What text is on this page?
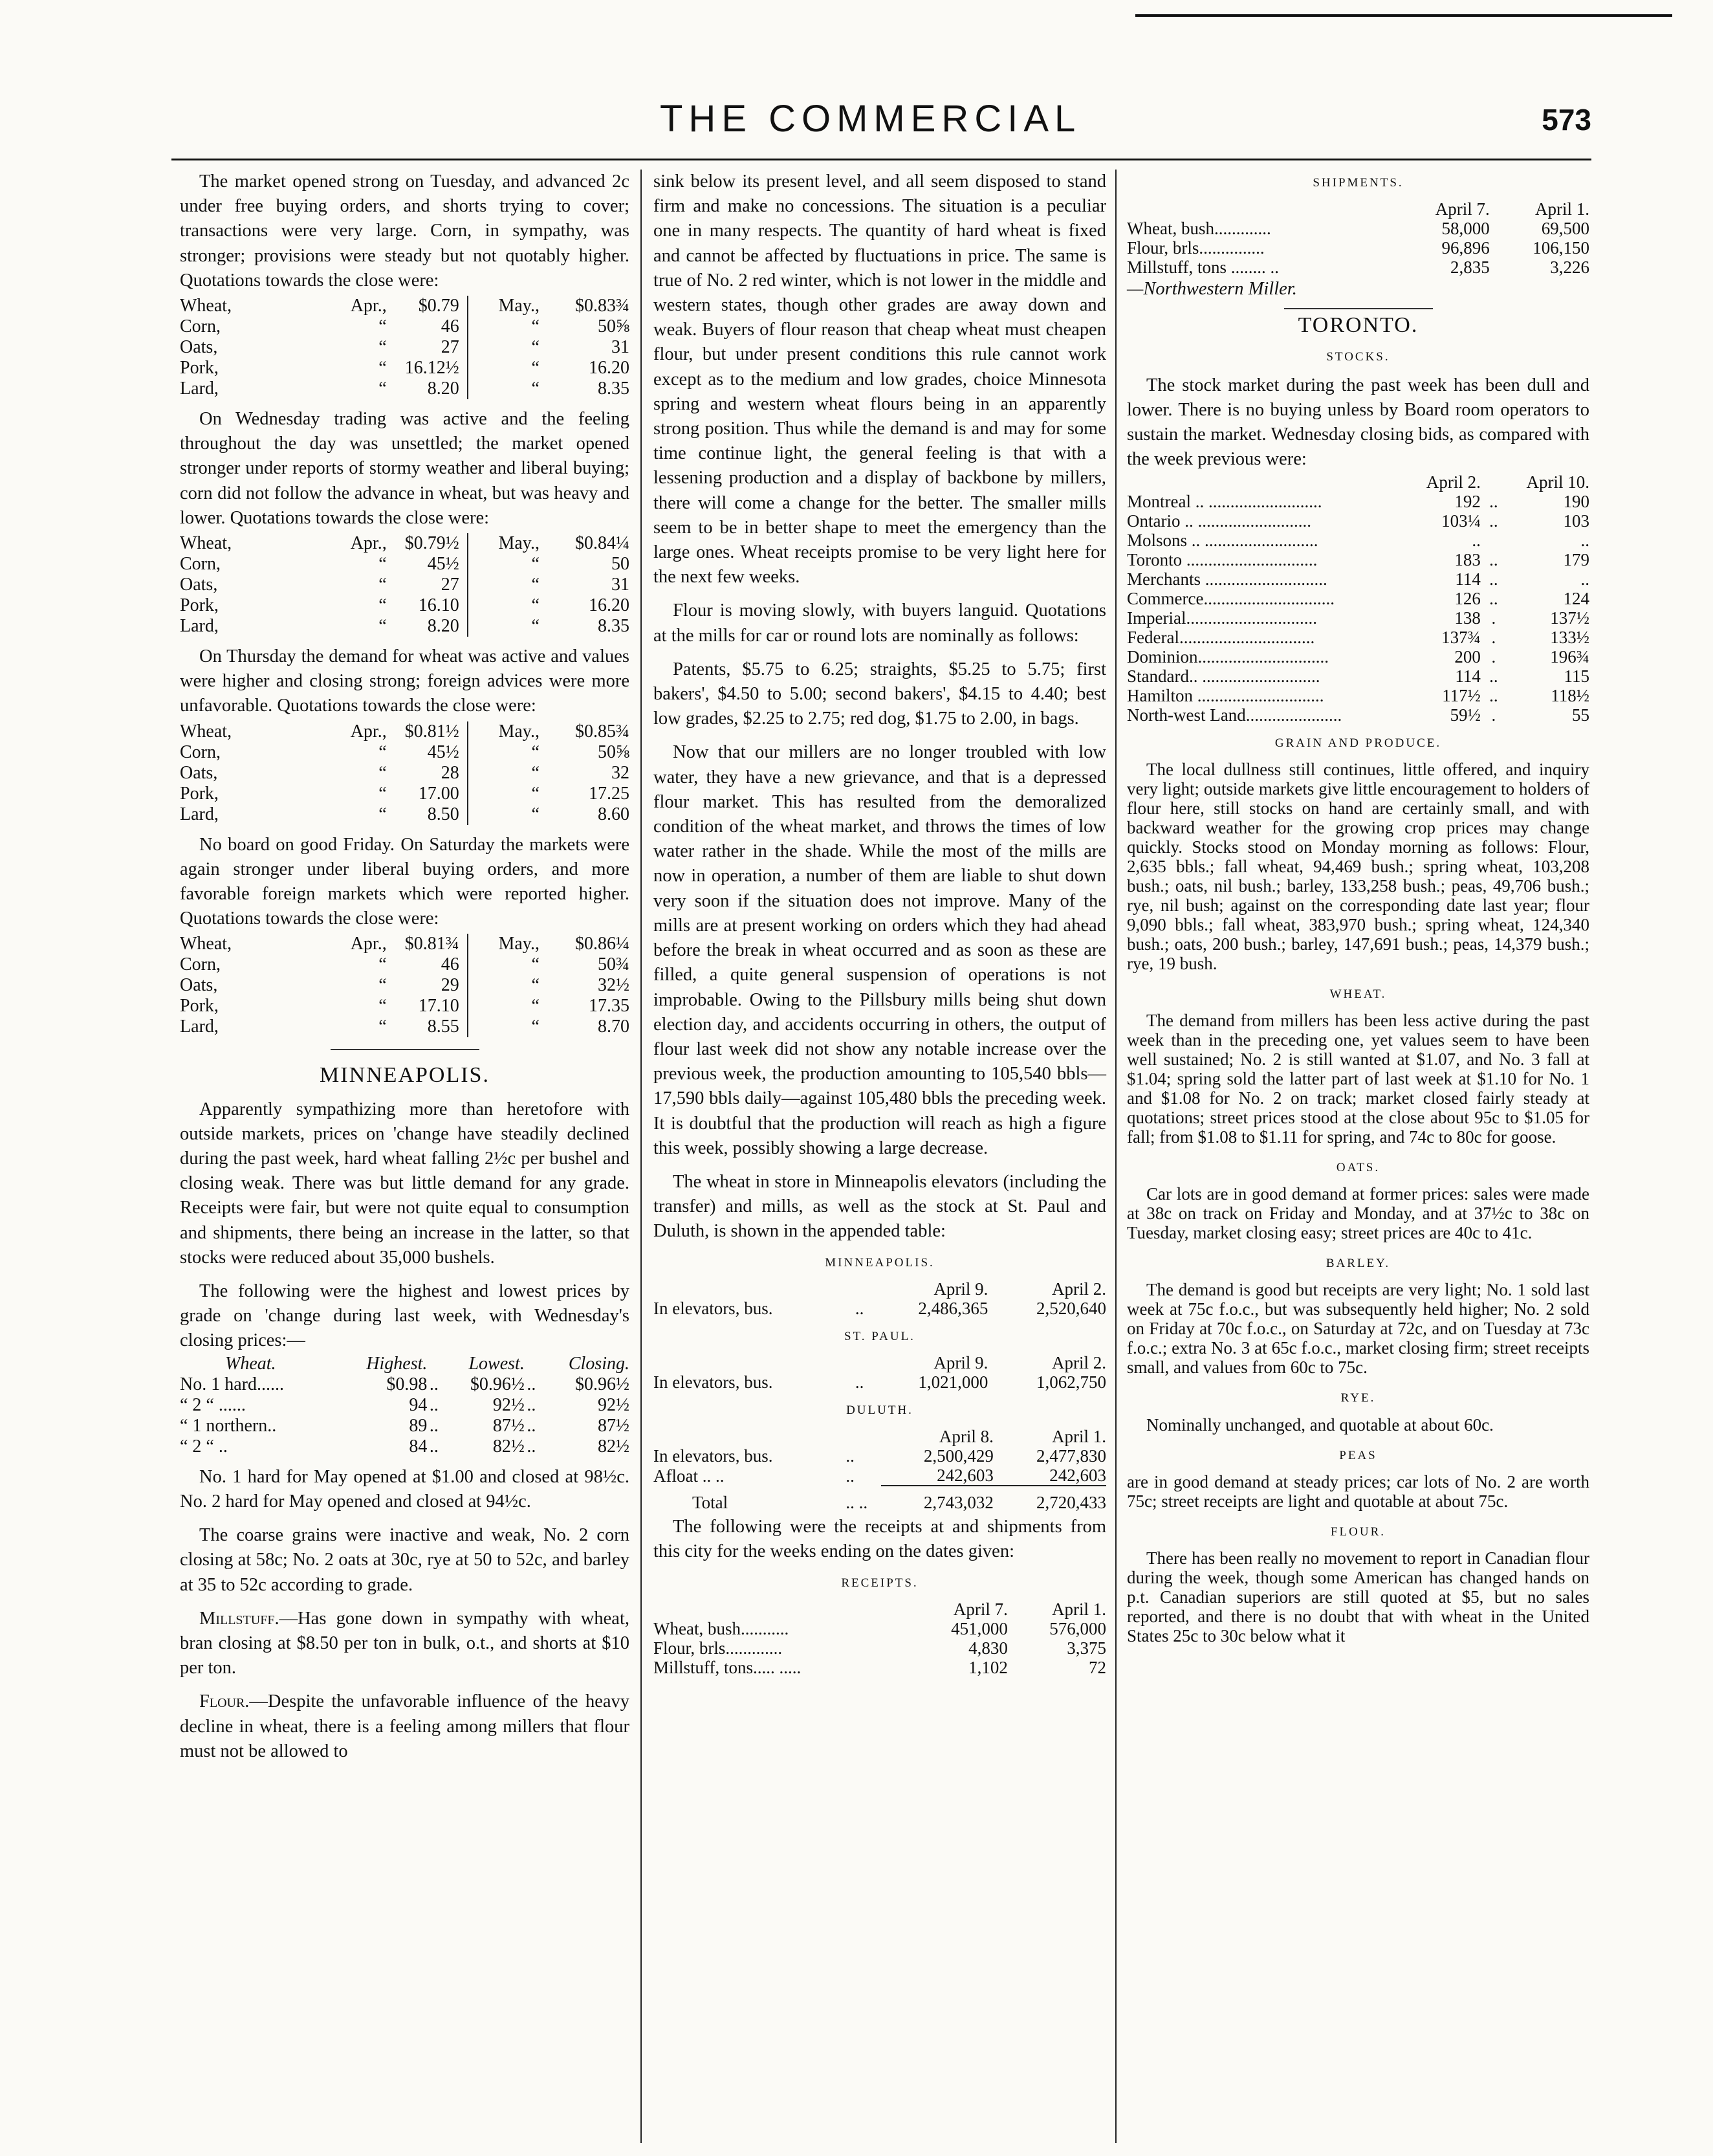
THE COMMERCIAL	573

The market opened strong on Tuesday, and advanced 2c under free buying orders, and shorts trying to cover; transactions were very large. Corn, in sympathy, was stronger; provisions were steady but not quotably higher. Quotations towards the close were:

Wheat,	Apr.,	$0.79	May.,	$0.83¾
Corn,	“	46	“	50⅝
Oats,	“	27	“	31
Pork,	“	16.12½	“	16.20
Lard,	“	8.20	“	8.35

On Wednesday trading was active and the feeling throughout the day was unsettled; the market opened stronger under reports of stormy weather and liberal buying; corn did not follow the advance in wheat, but was heavy and lower. Quotations towards the close were:

Wheat,	Apr.,	$0.79½	May.,	$0.84¼
Corn,	“	45½	“	50
Oats,	“	27	“	31
Pork,	“	16.10	“	16.20
Lard,	“	8.20	“	8.35

On Thursday the demand for wheat was active and values were higher and closing strong; foreign advices were more unfavorable. Quotations towards the close were:

Wheat,	Apr.,	$0.81½	May.,	$0.85¾
Corn,	“	45½	“	50⅝
Oats,	“	28	“	32
Pork,	“	17.00	“	17.25
Lard,	“	8.50	“	8.60

No board on good Friday. On Saturday the markets were again stronger under liberal buying orders, and more favorable foreign markets which were reported higher. Quotations towards the close were:

Wheat,	Apr.,	$0.81¾	May.,	$0.86¼
Corn,	“	46	“	50¾
Oats,	“	29	“	32½
Pork,	“	17.10	“	17.35
Lard,	“	8.55	“	8.70
MINNEAPOLIS.

Apparently sympathizing more than heretofore with outside markets, prices on 'change have steadily declined during the past week, hard wheat falling 2½c per bushel and closing weak. There was but little demand for any grade. Receipts were fair, but were not quite equal to consumption and shipments, there being an increase in the latter, so that stocks were reduced about 35,000 bushels.

The following were the highest and lowest prices by grade on 'change during last week, with Wednesday's closing prices:—

Wheat.	Highest.		Lowest.		Closing.
No. 1 hard......	$0.98	..	$0.96½	..	$0.96½
“ 2 “ ......	94	..	92½	..	92½
“ 1 northern..	89	..	87½	..	87½
“ 2 “ ..	84	..	82½	..	82½

No. 1 hard for May opened at $1.00 and closed at 98½c. No. 2 hard for May opened and closed at 94½c.

The coarse grains were inactive and weak, No. 2 corn closing at 58c; No. 2 oats at 30c, rye at 50 to 52c, and barley at 35 to 52c according to grade.

Millstuff.—Has gone down in sympathy with wheat, bran closing at $8.50 per ton in bulk, o.t., and shorts at $10 per ton.

Flour.—Despite the unfavorable influence of the heavy decline in wheat, there is a feeling among millers that flour must not be allowed to

sink below its present level, and all seem disposed to stand firm and make no concessions. The situation is a peculiar one in many respects. The quantity of hard wheat is fixed and cannot be affected by fluctuations in price. The same is true of No. 2 red winter, which is not lower in the middle and western states, though other grades are away down and weak. Buyers of flour reason that cheap wheat must cheapen flour, but under present conditions this rule cannot work except as to the medium and low grades, choice Minnesota spring and western wheat flours being in an apparently strong position. Thus while the demand is and may for some time continue light, the general feeling is that with a lessening production and a display of backbone by millers, there will come a change for the better. The smaller mills seem to be in better shape to meet the emergency than the large ones. Wheat receipts promise to be very light here for the next few weeks.

Flour is moving slowly, with buyers languid. Quotations at the mills for car or round lots are nominally as follows:

Patents, $5.75 to 6.25; straights, $5.25 to 5.75; first bakers', $4.50 to 5.00; second bakers', $4.15 to 4.40; best low grades, $2.25 to 2.75; red dog, $1.75 to 2.00, in bags.

Now that our millers are no longer troubled with low water, they have a new grievance, and that is a depressed flour market. This has resulted from the demoralized condition of the wheat market, and throws the times of low water rather in the shade. While the most of the mills are now in operation, a number of them are liable to shut down very soon if the situation does not improve. Many of the mills are at present working on orders which they had ahead before the break in wheat occurred and as soon as these are filled, a quite general suspension of operations is not improbable. Owing to the Pillsbury mills being shut down election day, and accidents occurring in others, the output of flour last week did not show any notable increase over the previous week, the production amounting to 105,540 bbls—17,590 bbls daily—against 105,480 bbls the preceding week. It is doubtful that the production will reach as high a figure this week, possibly showing a large decrease.

The wheat in store in Minneapolis elevators (including the transfer) and mills, as well as the stock at St. Paul and Duluth, is shown in the appended table:

MINNEAPOLIS.
		April 9.	April 2.
In elevators, bus.	..	2,486,365	2,520,640
ST. PAUL.
		April 9.	April 2.
In elevators, bus.	..	1,021,000	1,062,750
DULUTH.
		April 8.	April 1.
In elevators, bus.	..	2,500,429	2,477,830
Afloat .. ..	..	242,603	242,603
Total	.. ..	2,743,032	2,720,433

The following were the receipts at and shipments from this city for the weeks ending on the dates given:

RECEIPTS.
	April 7.	April 1.
Wheat, bush...........	451,000	576,000
Flour, brls.............	4,830	3,375
Millstuff, tons..... .....	1,102	72
SHIPMENTS.
	April 7.	April 1.
Wheat, bush.............	58,000	69,500
Flour, brls...............	96,896	106,150
Millstuff, tons ........ ..	2,835	3,226
—Northwestern Miller.
TORONTO.
STOCKS.

The stock market during the past week has been dull and lower. There is no buying unless by Board room operators to sustain the market. Wednesday closing bids, as compared with the week previous were:

	April 2.		April 10.
Montreal .. ..........................	192	..	190
Ontario .. ..........................	103¼	..	103
Molsons .. ..........................	..		..
Toronto ..............................	183	..	179
Merchants ............................	114	..	..
Commerce..............................	126	..	124
Imperial..............................	138	.	137½
Federal...............................	137¾	.	133½
Dominion..............................	200	.	196¾
Standard.. ...........................	114	..	115
Hamilton .............................	117½	..	118½
North-west Land......................	59½	.	55
GRAIN AND PRODUCE.

The local dullness still continues, little offered, and inquiry very light; outside markets give little encouragement to holders of flour here, still stocks on hand are certainly small, and with backward weather for the growing crop prices may change quickly. Stocks stood on Monday morning as follows: Flour, 2,635 bbls.; fall wheat, 94,469 bush.; spring wheat, 103,208 bush.; oats, nil bush.; barley, 133,258 bush.; peas, 49,706 bush.; rye, nil bush; against on the corresponding date last year; flour 9,090 bbls.; fall wheat, 383,970 bush.; spring wheat, 124,340 bush.; oats, 200 bush.; barley, 147,691 bush.; peas, 14,379 bush.; rye, 19 bush.

WHEAT.

The demand from millers has been less active during the past week than in the preceding one, yet values seem to have been well sustained; No. 2 is still wanted at $1.07, and No. 3 fall at $1.04; spring sold the latter part of last week at $1.10 for No. 1 and $1.08 for No. 2 on track; market closed fairly steady at quotations; street prices stood at the close about 95c to $1.05 for fall; from $1.08 to $1.11 for spring, and 74c to 80c for goose.

OATS.

Car lots are in good demand at former prices: sales were made at 38c on track on Friday and Monday, and at 37½c to 38c on Tuesday, market closing easy; street prices are 40c to 41c.

BARLEY.

The demand is good but receipts are very light; No. 1 sold last week at 75c f.o.c., but was subsequently held higher; No. 2 sold on Friday at 70c f.o.c., on Saturday at 72c, and on Tuesday at 73c f.o.c.; extra No. 3 at 65c f.o.c., market closing firm; street receipts small, and values from 60c to 75c.

RYE.

Nominally unchanged, and quotable at about 60c.

PEAS

are in good demand at steady prices; car lots of No. 2 are worth 75c; street receipts are light and quotable at about 75c.

FLOUR.

There has been really no movement to report in Canadian flour during the week, though some American has changed hands on p.t. Canadian superiors are still quoted at $5, but no sales reported, and there is no doubt that with wheat in the United States 25c to 30c below what it
